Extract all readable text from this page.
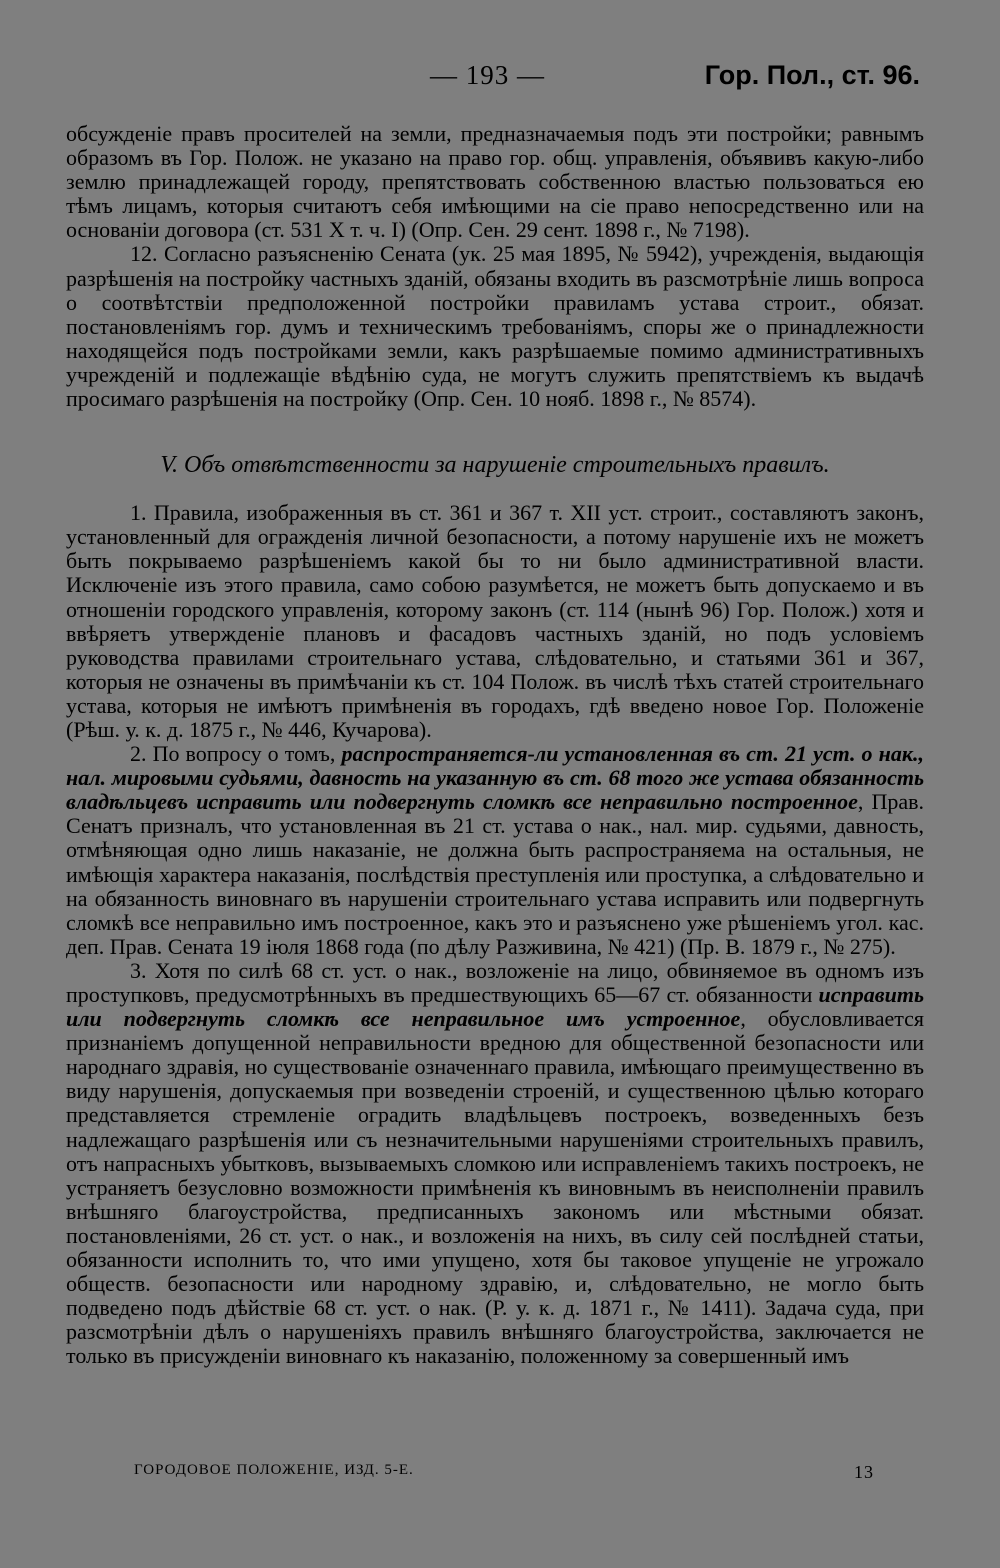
— 193 —	Гор. Пол., ст. 96.

обсужденіе правъ просителей на земли, предназначаемыя подъ эти постройки; равнымъ образомъ въ Гор. Полож. не указано на право гор. общ. управленія, объявивъ какую-либо землю принадлежащей городу, препятствовать собственною властью пользоваться ею тѣмъ лицамъ, которыя считаютъ себя имѣющими на сіе право непосредственно или на основаніи договора (ст. 531 X т. ч. I) (Опр. Сен. 29 сент. 1898 г., № 7198).

12. Согласно разъясненію Сената (ук. 25 мая 1895, № 5942), учрежденія, выдающія разрѣшенія на постройку частныхъ зданій, обязаны входить въ разсмотрѣніе лишь вопроса о соотвѣтствіи предположенной постройки правиламъ устава строит., обязат. постановленіямъ гор. думъ и техническимъ требованіямъ, споры же о принадлежности находящейся подъ постройками земли, какъ разрѣшаемые помимо административныхъ учрежденій и подлежащіе вѣдѣнію суда, не могутъ служить препятствіемъ къ выдачѣ просимаго разрѣшенія на постройку (Опр. Сен. 10 нояб. 1898 г., № 8574).

V. Объ отвѣтственности за нарушеніе строительныхъ правилъ.

1. Правила, изображенныя въ ст. 361 и 367 т. XII уст. строит., составляютъ законъ, установленный для огражденія личной безопасности, а потому нарушеніе ихъ не можетъ быть покрываемо разрѣшеніемъ какой бы то ни было административной власти. Исключеніе изъ этого правила, само собою разумѣется, не можетъ быть допускаемо и въ отношеніи городского управленія, которому законъ (ст. 114 (нынѣ 96) Гор. Полож.) хотя и ввѣряетъ утвержденіе плановъ и фасадовъ частныхъ зданій, но подъ условіемъ руководства правилами строительнаго устава, слѣдовательно, и статьями 361 и 367, которыя не означены въ примѣчаніи къ ст. 104 Полож. въ числѣ тѣхъ статей строительнаго устава, которыя не имѣютъ примѣненія въ городахъ, гдѣ введено новое Гор. Положеніе (Рѣш. у. к. д. 1875 г., № 446, Кучарова).

2. По вопросу о томъ, распространяется-ли установленная въ ст. 21 уст. о нак., нал. мировыми судьями, давность на указанную въ ст. 68 того же устава обязанность владѣльцевъ исправить или подвергнуть сломкѣ все неправильно построенное, Прав. Сенатъ призналъ, что установленная въ 21 ст. устава о нак., нал. мир. судьями, давность, отмѣняющая одно лишь наказаніе, не должна быть распространяема на остальныя, не имѣющія характера наказанія, послѣдствія преступленія или проступка, а слѣдовательно и на обязанность виновнаго въ нарушеніи строительнаго устава исправить или подвергнуть сломкѣ все неправильно имъ построенное, какъ это и разъяснено уже рѣшеніемъ угол. кас. деп. Прав. Сената 19 іюля 1868 года (по дѣлу Разживина, № 421) (Пр. В. 1879 г., № 275).

3. Хотя по силѣ 68 ст. уст. о нак., возложеніе на лицо, обвиняемое въ одномъ изъ проступковъ, предусмотрѣнныхъ въ предшествующихъ 65—67 ст. обязанности исправить или подвергнуть сломкѣ все неправильное имъ устроенное, обусловливается признаніемъ допущенной неправильности вредною для общественной безопасности или народнаго здравія, но существованіе означеннаго правила, имѣющаго преимущественно въ виду нарушенія, допускаемыя при возведеніи строеній, и существенною цѣлью котораго представляется стремленіе оградить владѣльцевъ построекъ, возведенныхъ безъ надлежащаго разрѣшенія или съ незначительными нарушеніями строительныхъ правилъ, отъ напрасныхъ убытковъ, вызываемыхъ сломкою или исправленіемъ такихъ построекъ, не устраняетъ безусловно возможности примѣненія къ виновнымъ въ неисполненіи правилъ внѣшняго благоустройства, предписанныхъ закономъ или мѣстными обязат. постановленіями, 26 ст. уст. о нак., и возложенія на нихъ, въ силу сей послѣдней статьи, обязанности исполнить то, что ими упущено, хотя бы таковое упущеніе не угрожало обществ. безопасности или народному здравію, и, слѣдовательно, не могло быть подведено подъ дѣйствіе 68 ст. уст. о нак. (Р. у. к. д. 1871 г., № 1411). Задача суда, при разсмотрѣніи дѣлъ о нарушеніяхъ правилъ внѣшняго благоустройства, заключается не только въ присужденіи виновнаго къ наказанію, положенному за совершенный имъ

ГОРОДОВОЕ ПОЛОЖЕНІЕ, ИЗД. 5-Е.	13
